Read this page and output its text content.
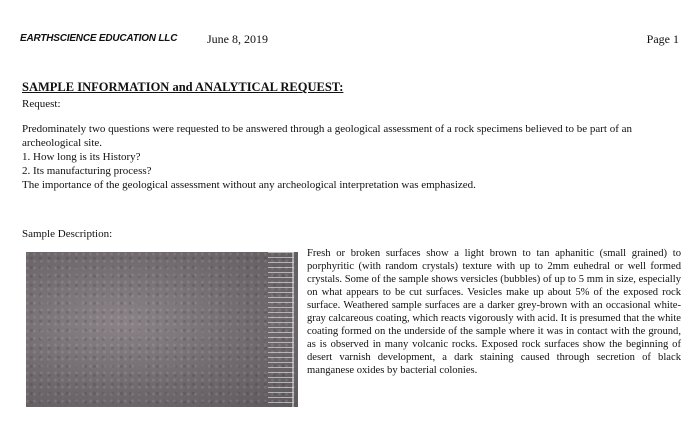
EARTHSCIENCE EDUCATION LLC June 8, 2019	Page 1
SAMPLE INFORMATION and ANALYTICAL REQUEST:
Request:

Predominately two questions were requested to be answered through a geological assessment of a rock specimens believed to be part of an archeological site.

1. How long is its History?

2. Its manufacturing process?

The importance of the geological assessment without any archeological interpretation was emphasized.

Sample Description:

Fresh or broken surfaces show a light brown to tan aphanitic (small grained) to porphyritic (with random crystals) texture with up to 2mm euhedral or well formed crystals. Some of the sample shows versicles (bubbles) of up to 5 mm in size, especially on what appears to be cut surfaces. Vesicles make up about 5% of the exposed rock surface. Weathered sample surfaces are a darker grey-brown with an occasional white-gray calcareous coating, which reacts vigorously with acid. It is presumed that the white coating formed on the underside of the sample where it was in contact with the ground, as is observed in many volcanic rocks. Exposed rock surfaces show the beginning of desert varnish development, a dark staining caused through secretion of black manganese oxides by bacterial colonies.
